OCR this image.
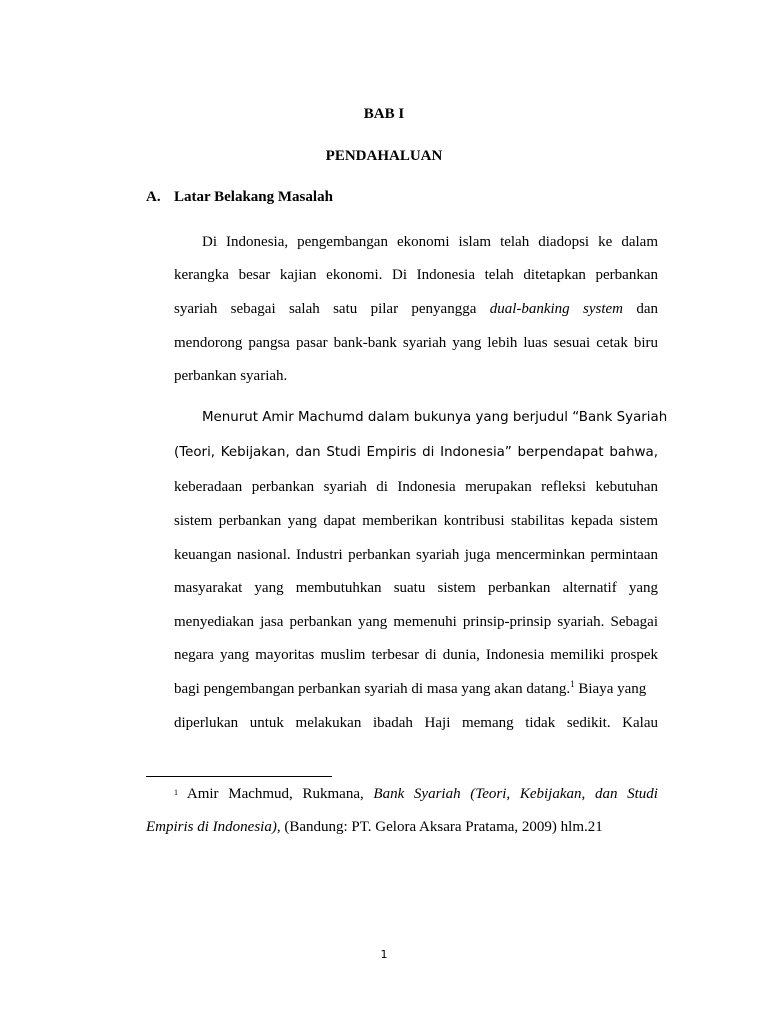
BAB I
PENDAHALUAN
A. Latar Belakang Masalah
Di Indonesia, pengembangan ekonomi islam telah diadopsi ke dalam
kerangka besar kajian ekonomi. Di Indonesia telah ditetapkan perbankan
syariah sebagai salah satu pilar penyangga dual-banking system dan
mendorong pangsa pasar bank-bank syariah yang lebih luas sesuai cetak biru
perbankan syariah.
Menurut Amir Machumd dalam bukunya yang berjudul “Bank Syariah
(Teori, Kebijakan, dan Studi Empiris di Indonesia” berpendapat bahwa,
keberadaan perbankan syariah di Indonesia merupakan refleksi kebutuhan
sistem perbankan yang dapat memberikan kontribusi stabilitas kepada sistem
keuangan nasional. Industri perbankan syariah juga mencerminkan permintaan
masyarakat yang membutuhkan suatu sistem perbankan alternatif yang
menyediakan jasa perbankan yang memenuhi prinsip-prinsip syariah. Sebagai
negara yang mayoritas muslim terbesar di dunia, Indonesia memiliki prospek
bagi pengembangan perbankan syariah di masa yang akan datang.$^1$ Biaya yang
diperlukan untuk melakukan ibadah Haji memang tidak sedikit. Kalau
$^1$ Amir Machmud, Rukmana, Bank Syariah (Teori, Kebijakan, dan Studi
Empiris di Indonesia), (Bandung: PT. Gelora Aksara Pratama, 2009) hlm.21
1
